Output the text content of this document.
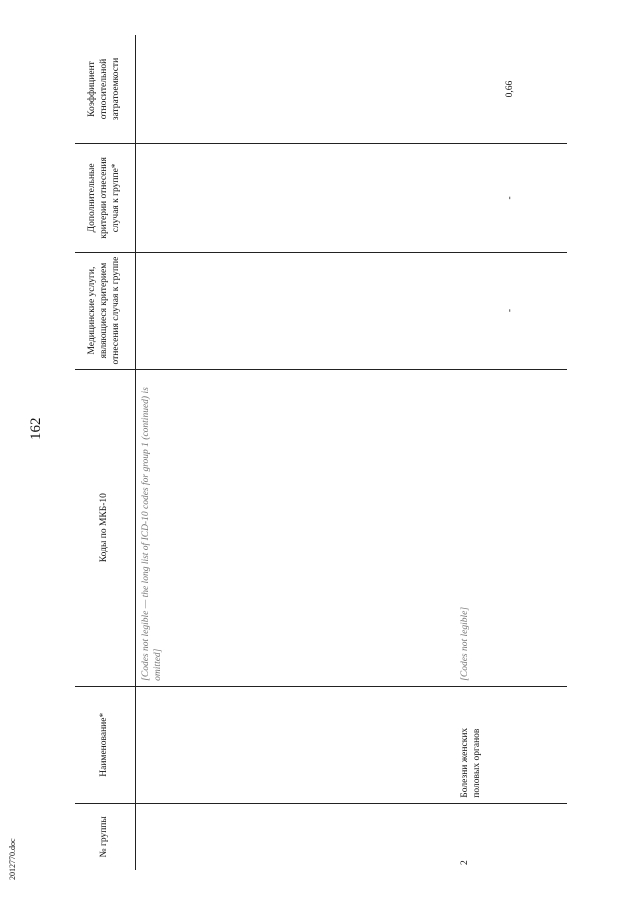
162
№ группы	Наименование*	Коды по МКБ-10	Медицинские услуги, являющиеся критерием отнесения случая к группе	Дополнительные критерии отнесения случая к группе*	Коэффициент относительной затратоемкости
		[Codes not legible — the long list of ICD-10 codes for group 1 (continued) is omitted]			
2	Болезни женских половых органов	[Codes not legible]	-	-	0,66
2012770.doc
